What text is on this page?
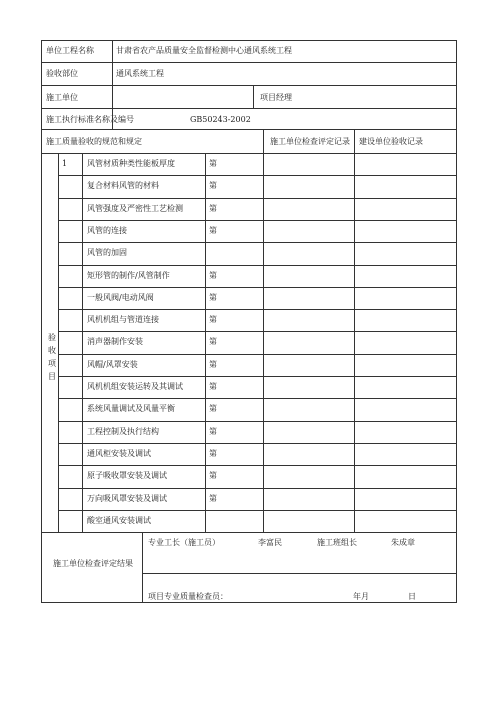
单位工程名称	甘肃省农产品质量安全监督检测中心通风系统工程
验收部位	通风系统工程
施工单位	项目经理
施工执行标准名称及编号	GB50243-2002
施工质量验收的规范和规定	施工单位检查评定记录 建设单位验收记录
验收项目
1 风管材质种类性能板厚度	第
复合材料风管的材料	第
风管强度及严密性工艺检测	第
风管的连接	第
风管的加固
矩形管的制作/风管制作	第
一般风阀/电动风阀	第
风机机组与管道连接	第
消声器制作安装	第
风帽/风罩安装	第
风机机组安装运转及其调试	第
系统风量调试及风量平衡	第
工程控制及执行结构	第
通风柜安装及调试	第
原子吸收罩安装及调试	第
万向吸风罩安装及调试	第
酸室通风安装调试
施工单位检查评定结果
专业工长（施工员）	李富民	施工班组长	朱成章
项目专业质量检查员：	年月	日
